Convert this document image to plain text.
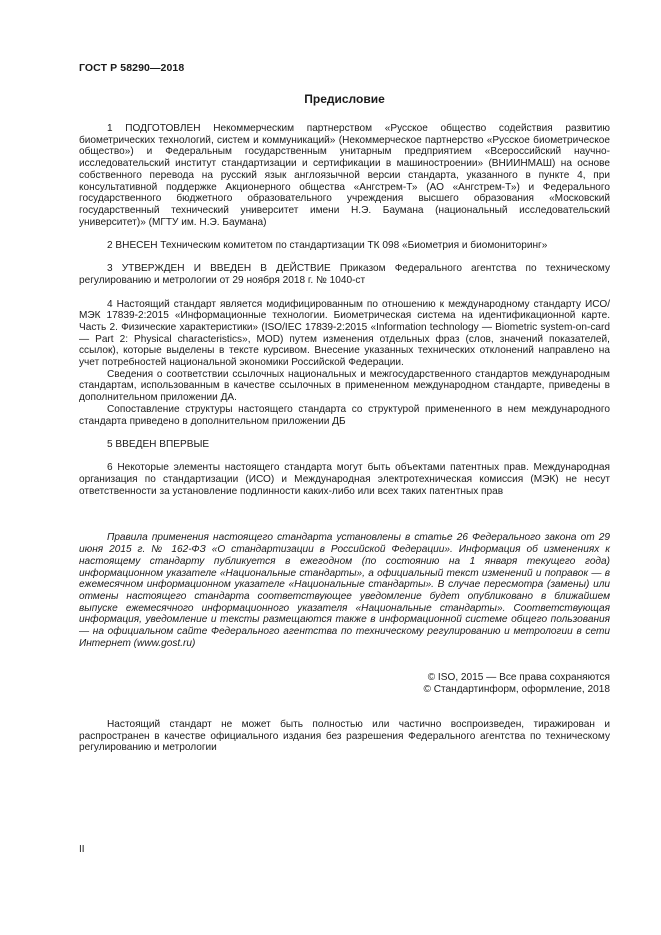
ГОСТ Р 58290—2018
Предисловие

1 ПОДГОТОВЛЕН Некоммерческим партнерством «Русское общество содействия развитию биометрических технологий, систем и коммуникаций» (Некоммерческое партнерство «Русское биометрическое общество») и Федеральным государственным унитарным предприятием «Всероссийский научно-исследовательский институт стандартизации и сертификации в машиностроении» (ВНИИНМАШ) на основе собственного перевода на русский язык англоязычной версии стандарта, указанного в пункте 4, при консультативной поддержке Акционерного общества «Ангстрем-Т» (АО «Ангстрем-Т») и Федерального государственного бюджетного образовательного учреждения высшего образования «Московский государственный технический университет имени Н.Э. Баумана (национальный исследовательский университет)» (МГТУ им. Н.Э. Баумана)

2 ВНЕСЕН Техническим комитетом по стандартизации ТК 098 «Биометрия и биомониторинг»

3 УТВЕРЖДЕН И ВВЕДЕН В ДЕЙСТВИЕ Приказом Федерального агентства по техническому регулированию и метрологии от 29 ноября 2018 г. № 1040-ст

4 Настоящий стандарт является модифицированным по отношению к международному стандарту ИСО/МЭК 17839-2:2015 «Информационные технологии. Биометрическая система на идентификационной карте. Часть 2. Физические характеристики» (ISO/IEC 17839-2:2015 «Information technology — Biometric system-on-card — Part 2: Physical characteristics», MOD) путем изменения отдельных фраз (слов, значений показателей, ссылок), которые выделены в тексте курсивом. Внесение указанных технических отклонений направлено на учет потребностей национальной экономики Российской Федерации.

Сведения о соответствии ссылочных национальных и межгосударственного стандартов международным стандартам, использованным в качестве ссылочных в примененном международном стандарте, приведены в дополнительном приложении ДА.

Сопоставление структуры настоящего стандарта со структурой примененного в нем международного стандарта приведено в дополнительном приложении ДБ

5 ВВЕДЕН ВПЕРВЫЕ

6 Некоторые элементы настоящего стандарта могут быть объектами патентных прав. Международная организация по стандартизации (ИСО) и Международная электротехническая комиссия (МЭК) не несут ответственности за установление подлинности каких-либо или всех таких патентных прав

Правила применения настоящего стандарта установлены в статье 26 Федерального закона от 29 июня 2015 г. № 162-ФЗ «О стандартизации в Российской Федерации». Информация об изменениях к настоящему стандарту публикуется в ежегодном (по состоянию на 1 января текущего года) информационном указателе «Национальные стандарты», а официальный текст изменений и поправок — в ежемесячном информационном указателе «Национальные стандарты». В случае пересмотра (замены) или отмены настоящего стандарта соответствующее уведомление будет опубликовано в ближайшем выпуске ежемесячного информационного указателя «Национальные стандарты». Соответствующая информация, уведомление и тексты размещаются также в информационной системе общего пользования — на официальном сайте Федерального агентства по техническому регулированию и метрологии в сети Интернет (www.gost.ru)

© ISO, 2015 — Все права сохраняются

© Стандартинформ, оформление, 2018

Настоящий стандарт не может быть полностью или частично воспроизведен, тиражирован и распространен в качестве официального издания без разрешения Федерального агентства по техническому регулированию и метрологии

II
